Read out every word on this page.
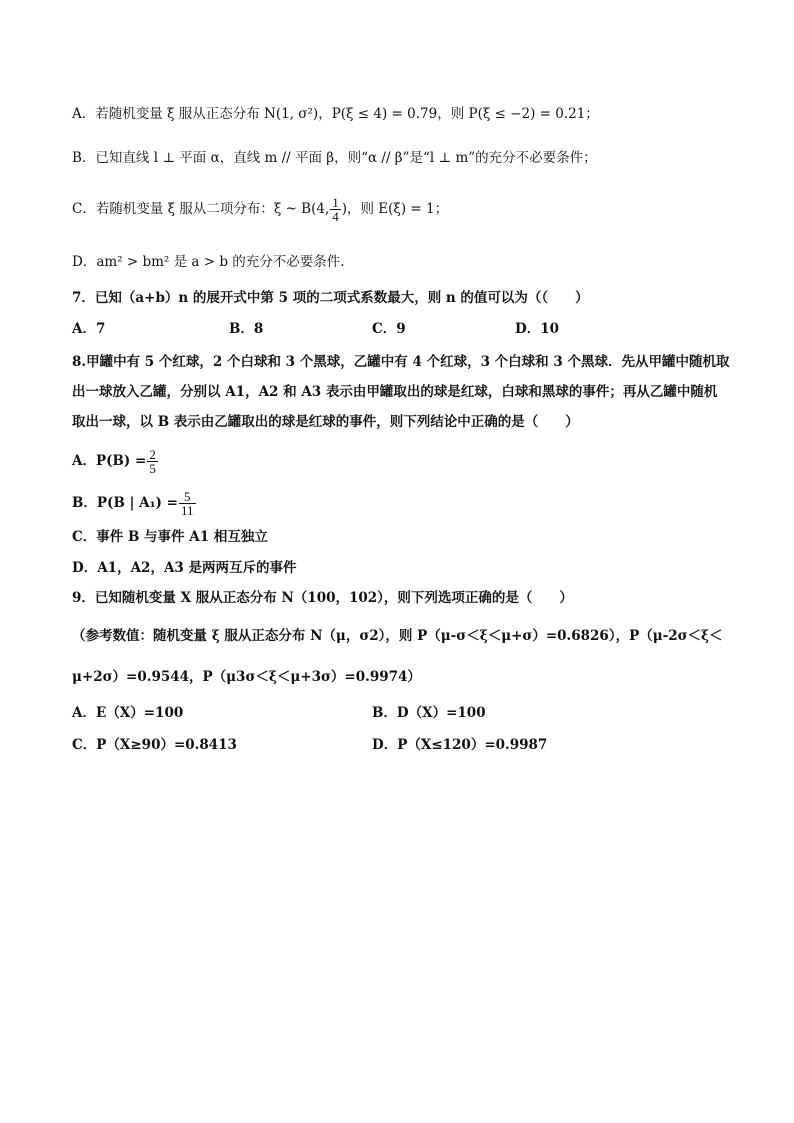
A．若随机变量 ξ 服从正态分布 N(1, σ²)，P(ξ ≤ 4) = 0.79，则 P(ξ ≤ −2) = 0.21；
B．已知直线 l ⊥ 平面 α，直线 m // 平面 β，则“α // β”是“l ⊥ m”的充分不必要条件；
C．若随机变量 ξ 服从二项分布：ξ ~ B(4, $\frac{1}{4}$ )，则 E(ξ) = 1；
D．am² > bm² 是 a > b 的充分不必要条件.
7．已知（a+b）n 的展开式中第 5 项的二项式系数最大，则 n 的值可以为（（　　）
A．7	B．8	C．9	D．10
8.甲罐中有 5 个红球，2 个白球和 3 个黑球，乙罐中有 4 个红球，3 个白球和 3 个黑球．先从甲罐中随机取
出一球放入乙罐，分别以 A1，A2 和 A3 表示由甲罐取出的球是红球，白球和黑球的事件；再从乙罐中随机
取出一球，以 B 表示由乙罐取出的球是红球的事件，则下列结论中正确的是（　　）
A．$P(B) = \frac{2}{5}$
B．P(B | $A_1) = \frac{5}{11}$
C．事件 B 与事件 A1 相互独立
D．A1，A2，A3 是两两互斥的事件
9．已知随机变量 X 服从正态分布 N（100，102），则下列选项正确的是（　　）
（参考数值：随机变量 ξ 服从正态分布 N（μ，σ2），则 P（μ-σ＜ξ＜μ+σ）=0.6826），P（μ-2σ＜ξ＜
μ+2σ）=0.9544，P（μ3σ＜ξ＜μ+3σ）=0.9974）
A．E（X）=100	B．D（X）=100
C．P（X≥90）=0.8413	D．P（X≤120）=0.9987
